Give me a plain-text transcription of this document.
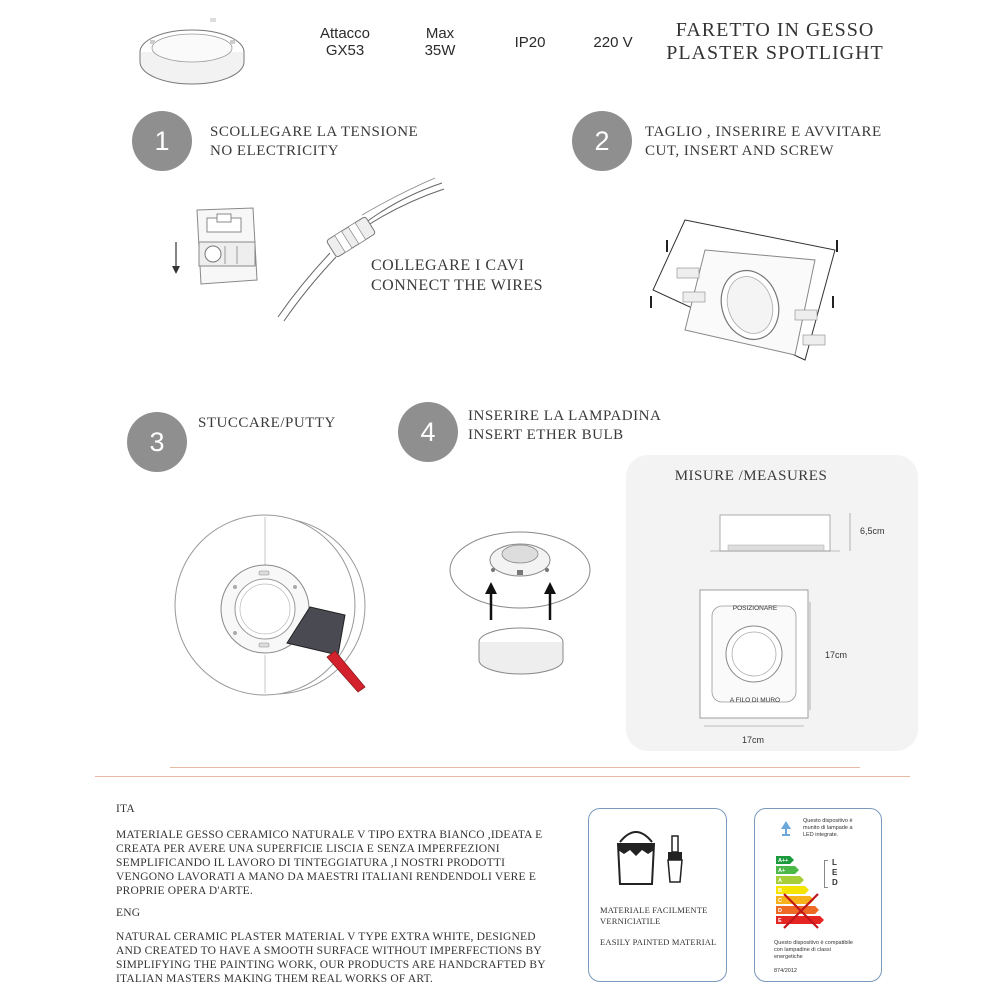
Attacco
GX53
Max
35W	IP20	220 V
FARETTO IN GESSO
PLASTER SPOTLIGHT
1	SCOLLEGARE LA TENSIONE
NO ELECTRICITY
COLLEGARE I CAVI
CONNECT THE WIRES
2	TAGLIO , INSERIRE E AVVITARE
CUT, INSERT AND SCREW
3
STUCCARE/PUTTY	4
INSERIRE LA LAMPADINA
INSERT ETHER BULB
MISURE /MEASURES
6,5cm
POSIZIONARE
A FILO DI MURO
17cm
17cm
ITA
MATERIALE GESSO CERAMICO NATURALE V TIPO EXTRA BIANCO ,IDEATA E
CREATA PER AVERE UNA SUPERFICIE LISCIA E SENZA IMPERFEZIONI
SEMPLIFICANDO IL LAVORO DI TINTEGGIATURA ,I NOSTRI PRODOTTI
VENGONO LAVORATI A MANO DA MAESTRI ITALIANI RENDENDOLI VERE E
PROPRIE OPERA D'ARTE.
ENG
NATURAL CERAMIC PLASTER MATERIAL V TYPE EXTRA WHITE, DESIGNED
AND CREATED TO HAVE A SMOOTH SURFACE WITHOUT IMPERFECTIONS BY
SIMPLIFYING THE PAINTING WORK, OUR PRODUCTS ARE HANDCRAFTED BY
ITALIAN MASTERS MAKING THEM REAL WORKS OF ART.
MATERIALE FACILMENTE
VERNICIATILE
EASILY PAINTED MATERIAL
Questo dispositivo è
munito di lampade a
LED integrate.
A++
A+
A
B
C
D
E
L
E
D
Questo dispositivo è compatibile
con lampadine di classi
energetiche
874/2012
